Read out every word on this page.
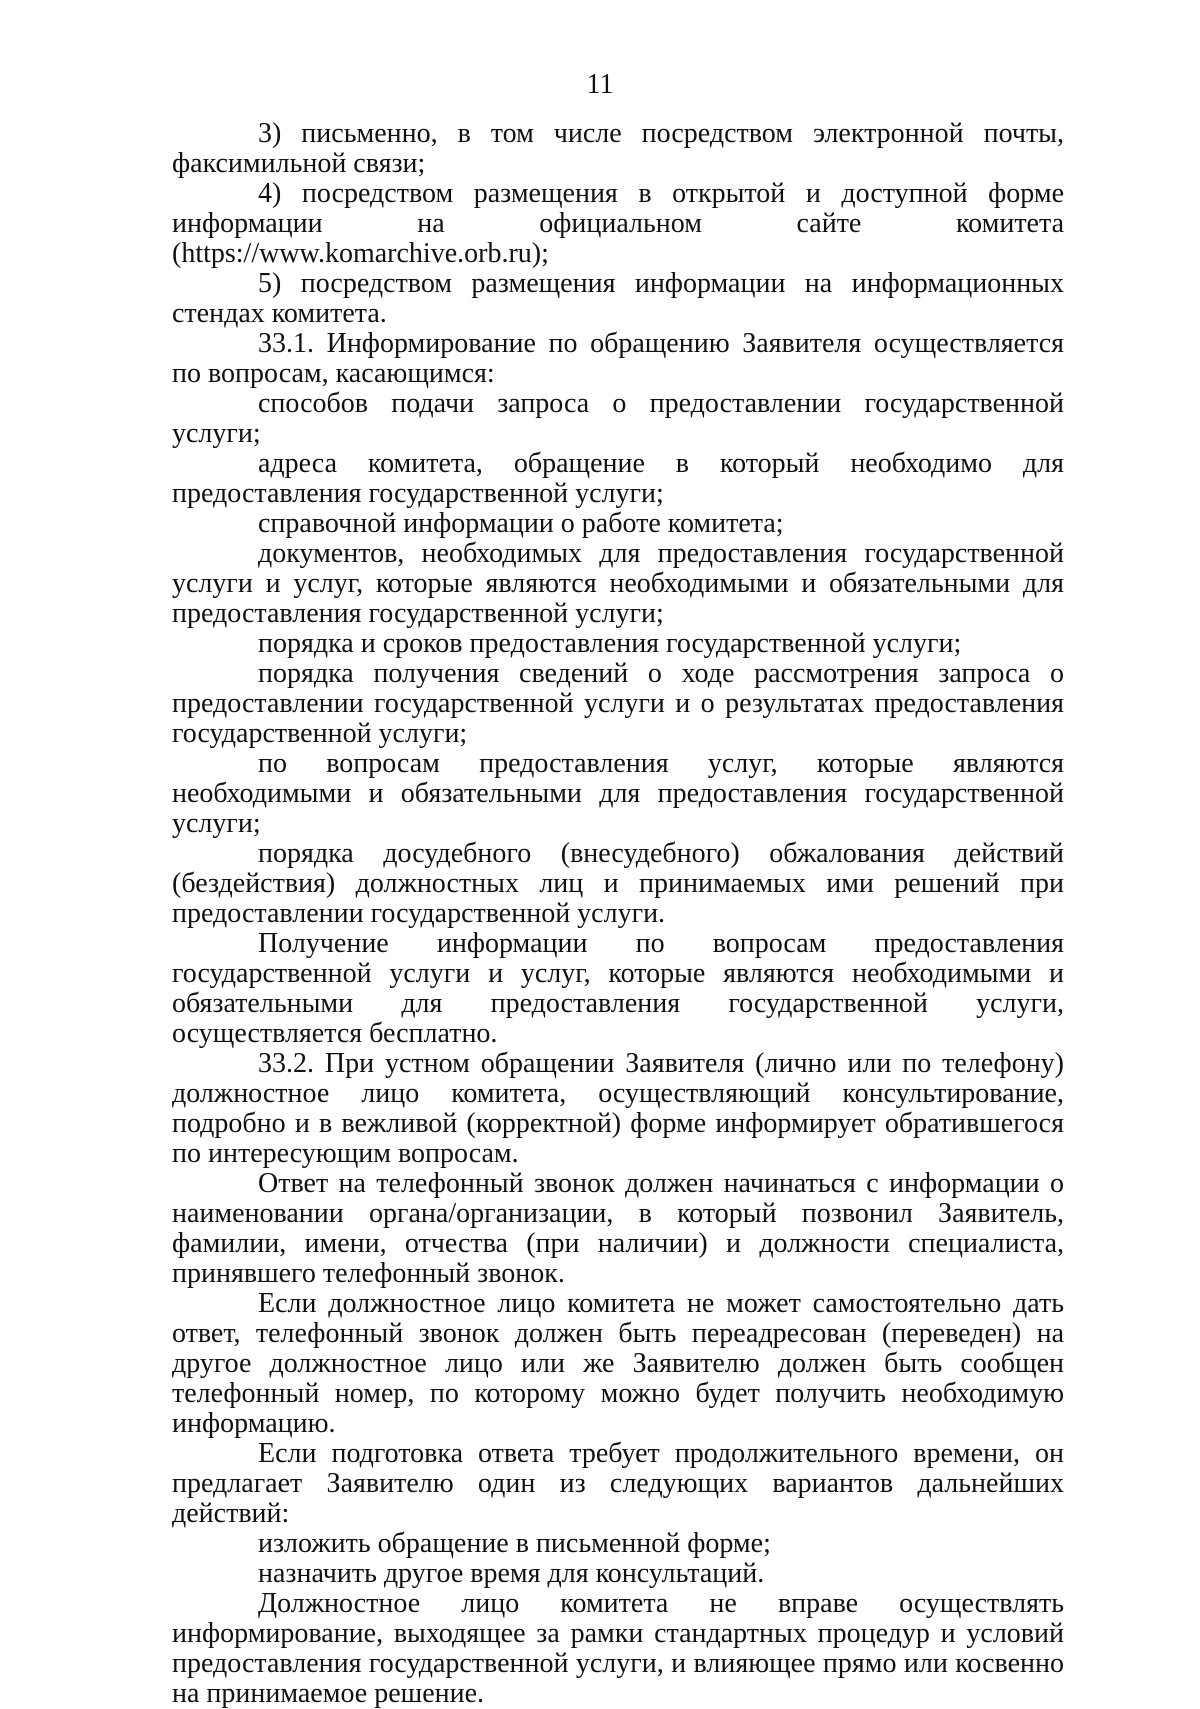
11

3) письменно, в том числе посредством электронной почты, факсимильной связи;

4) посредством размещения в открытой и доступной форме информации на официальном сайте комитета (https://www.komarchive.orb.ru);

5) посредством размещения информации на информационных стендах комитета.

33.1. Информирование по обращению Заявителя осуществляется по вопросам, касающимся:

способов подачи запроса о предоставлении государственной услуги;

адреса комитета, обращение в который необходимо для предоставления государственной услуги;

справочной информации о работе комитета;

документов, необходимых для предоставления государственной услуги и услуг, которые являются необходимыми и обязательными для предоставления государственной услуги;

порядка и сроков предоставления государственной услуги;

порядка получения сведений о ходе рассмотрения запроса о предоставлении государственной услуги и о результатах предоставления государственной услуги;

по вопросам предоставления услуг, которые являются необходимыми и обязательными для предоставления государственной услуги;

порядка досудебного (внесудебного) обжалования действий (бездействия) должностных лиц и принимаемых ими решений при предоставлении государственной услуги.

Получение информации по вопросам предоставления государственной услуги и услуг, которые являются необходимыми и обязательными для предоставления государственной услуги, осуществляется бесплатно.

33.2. При устном обращении Заявителя (лично или по телефону) должностное лицо комитета, осуществляющий консультирование, подробно и в вежливой (корректной) форме информирует обратившегося по интересующим вопросам.

Ответ на телефонный звонок должен начинаться с информации о наименовании органа/организации, в который позвонил Заявитель, фамилии, имени, отчества (при наличии) и должности специалиста, принявшего телефонный звонок.

Если должностное лицо комитета не может самостоятельно дать ответ, телефонный звонок должен быть переадресован (переведен) на другое должностное лицо или же Заявителю должен быть сообщен телефонный номер, по которому можно будет получить необходимую информацию.

Если подготовка ответа требует продолжительного времени, он предлагает Заявителю один из следующих вариантов дальнейших действий:

изложить обращение в письменной форме;

назначить другое время для консультаций.

Должностное лицо комитета не вправе осуществлять информирование, выходящее за рамки стандартных процедур и условий предоставления государственной услуги, и влияющее прямо или косвенно на принимаемое решение.
